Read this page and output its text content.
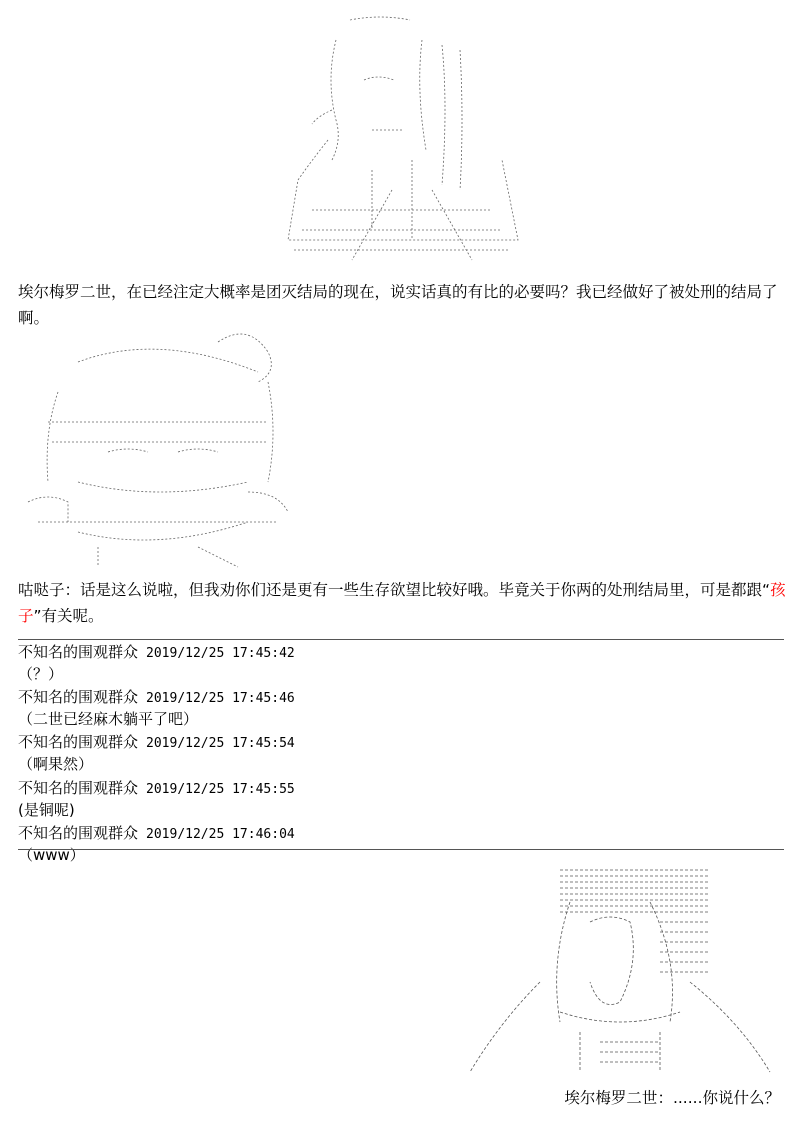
埃尔梅罗二世，在已经注定大概率是团灭结局的现在，说实话真的有比的必要吗？我已经做好了被处刑的结局了啊。
咕哒子：话是这么说啦，但我劝你们还是更有一些生存欲望比较好哦。毕竟关于你两的处刑结局里，可是都跟“孩子”有关呢。
不知名的围观群众 2019/12/25 17:45:42
（？）
不知名的围观群众 2019/12/25 17:45:46
（二世已经麻木躺平了吧）
不知名的围观群众 2019/12/25 17:45:54
（啊果然）
不知名的围观群众 2019/12/25 17:45:55
(是铜呢)
不知名的围观群众 2019/12/25 17:46:04
（www）
埃尔梅罗二世：......你说什么？
